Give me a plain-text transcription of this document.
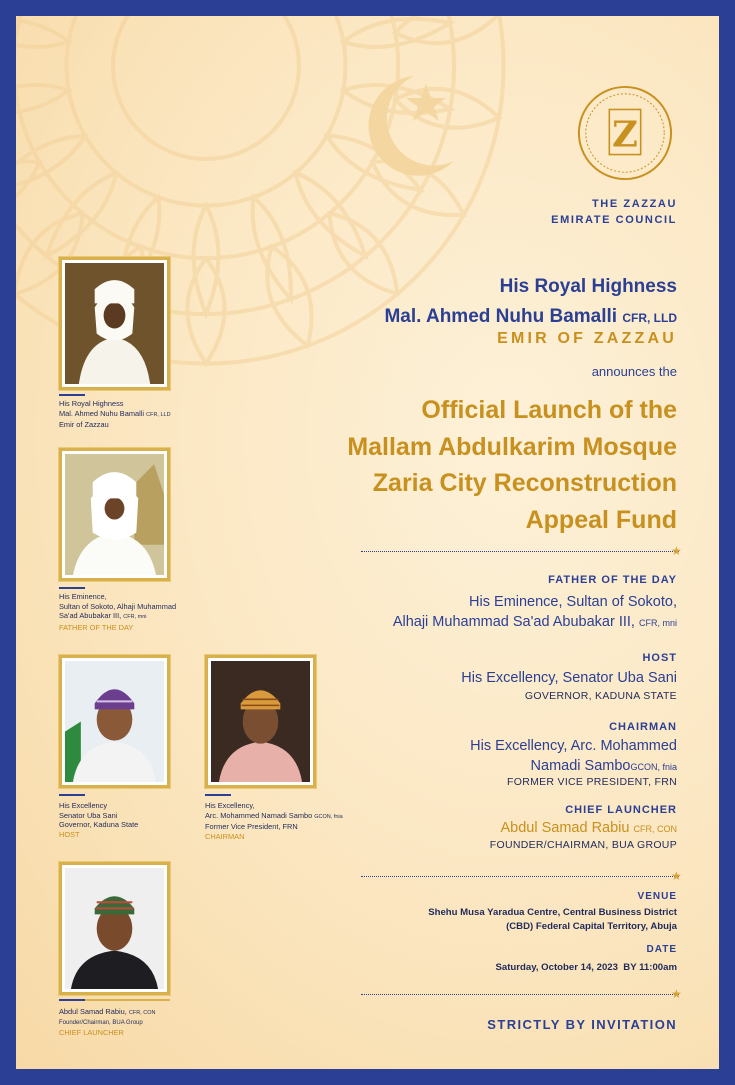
Z
THE ZAZZAU
EMIRATE COUNCIL
His Royal Highness
Mal. Ahmed Nuhu Bamalli CFR, LLD
Emir of Zazzau
His Eminence,
Sultan of Sokoto, Alhaji Muhammad
Sa'ad Abubakar III, CFR, mni
FATHER OF THE DAY
His Excellency
Senator Uba Sani
Governor, Kaduna State
HOST
His Excellency,
Arc. Mohammed Namadi Sambo GCON, fnia
Former Vice President, FRN
CHAIRMAN
Abdul Samad Rabiu, CFR, CON
Founder/Chairman, BUA Group
CHIEF LAUNCHER
His Royal Highness
Mal. Ahmed Nuhu Bamalli CFR, LLD
EMIR OF ZAZZAU
announces the
Official Launch of the
Mallam Abdulkarim Mosque
Zaria City Reconstruction
Appeal Fund
★
FATHER OF THE DAY
His Eminence, Sultan of Sokoto,
Alhaji Muhammad Sa'ad Abubakar III, CFR, mni
HOST
His Excellency, Senator Uba Sani
GOVERNOR, KADUNA STATE
CHAIRMAN
His Excellency, Arc. Mohammed
Namadi SamboGCON, fnia
FORMER VICE PRESIDENT, FRN
CHIEF LAUNCHER
Abdul Samad Rabiu CFR, CON
FOUNDER/CHAIRMAN, BUA GROUP
★
VENUE
Shehu Musa Yaradua Centre, Central Business District
(CBD) Federal Capital Territory, Abuja
DATE
Saturday, October 14, 2023  BY 11:00am
★
STRICTLY BY INVITATION
